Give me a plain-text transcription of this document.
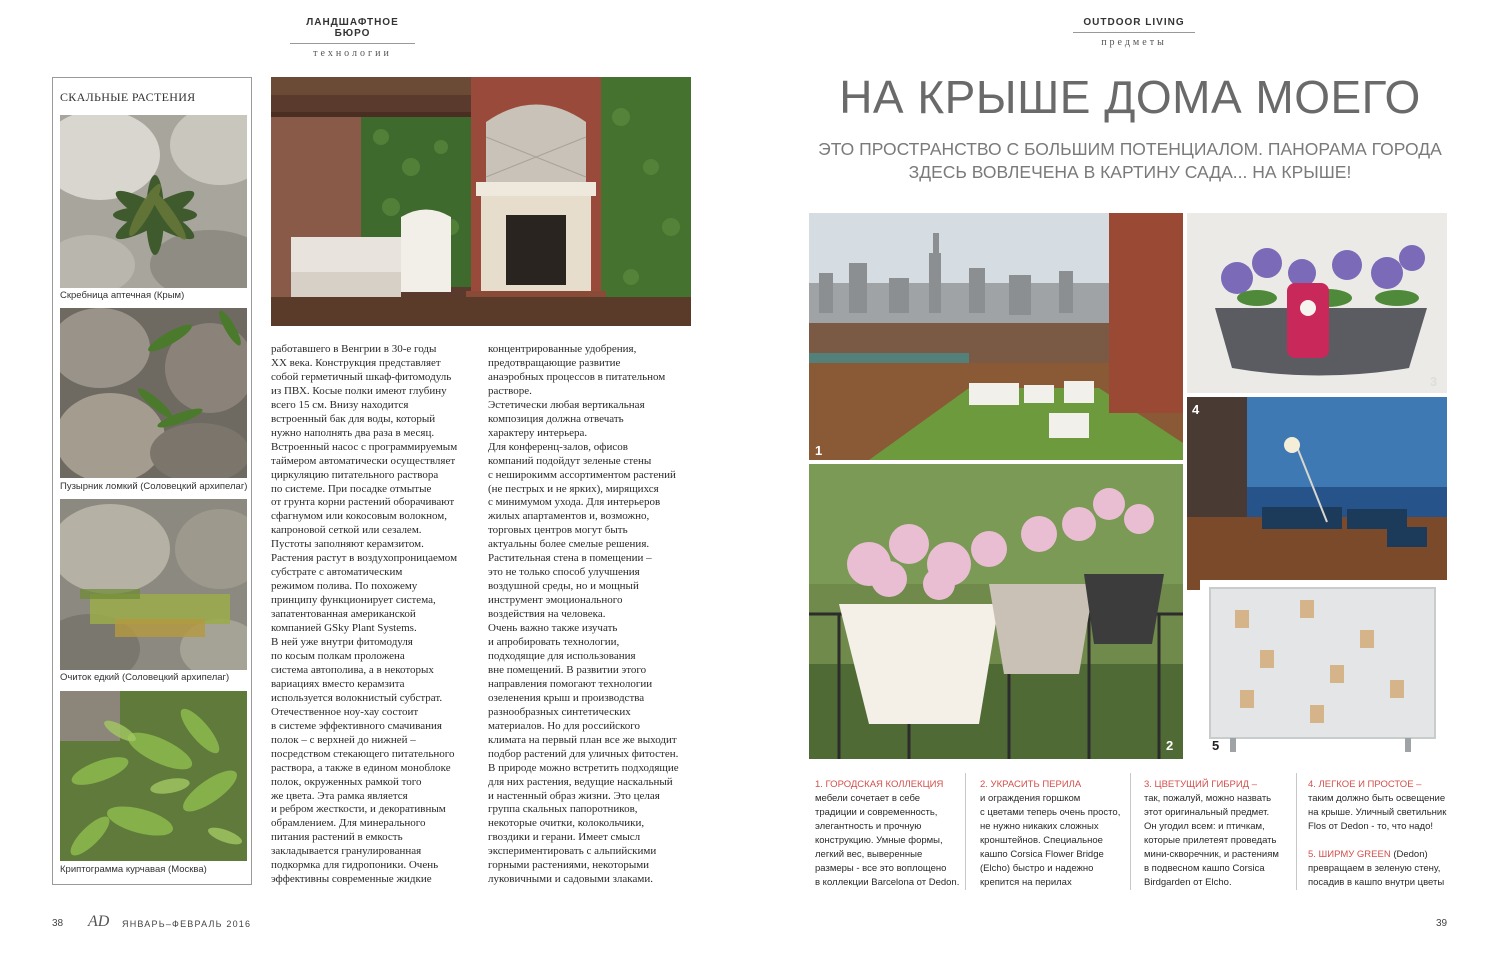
ЛАНДШАФТНОЕ БЮРО
технологии
СКАЛЬНЫЕ РАСТЕНИЯ
Скребница аптечная (Крым)
Пузырник ломкий (Соловецкий архипелаг)
Очиток едкий (Соловецкий архипелаг)
Криптограмма курчавая (Москва)
работавшего в Венгрии в 30-е годы
XX века. Конструкция представляет
собой герметичный шкаф-фитомодуль
из ПВХ. Косые полки имеют глубину
всего 15 см. Внизу находится
встроенный бак для воды, который
нужно наполнять два раза в месяц.
Встроенный насос с программируемым
таймером автоматически осуществляет
циркуляцию питательного раствора
по системе. При посадке отмытые
от грунта корни растений оборачивают
сфагнумом или кокосовым волокном,
капроновой сеткой или сезалем.
Пустоты заполняют керамзитом.
Растения растут в воздухопроницаемом
субстрате с автоматическим
режимом полива. По похожему
принципу функционирует система,
запатентованная американской
компанией GSky Plant Systems.
В ней уже внутри фитомодуля
по косым полкам проложена
система автополива, а в некоторых
вариациях вместо керамзита
используется волокнистый субстрат.
Отечественное ноу-хау состоит
в системе эффективного смачивания
полок – с верхней до нижней –
посредством стекающего питательного
раствора, а также в едином моноблоке
полок, окруженных рамкой того
же цвета. Эта рамка является
и ребром жесткости, и декоративным
обрамлением. Для минерального
питания растений в емкость
закладывается гранулированная
подкормка для гидропоники. Очень
эффективны современные жидкие
концентрированные удобрения,
предотвращающие развитие
анаэробных процессов в питательном
растворе.
Эстетически любая вертикальная
композиция должна отвечать
характеру интерьера.
Для конференц-залов, офисов
компаний подойдут зеленые стены
с неширокимм ассортиментом растений
(не пестрых и не ярких), мирящихся
с минимумом ухода. Для интерьеров
жилых апартаментов и, возможно,
торговых центров могут быть
актуальны более смелые решения.
Растительная стена в помещении –
это не только способ улучшения
воздушной среды, но и мощный
инструмент эмоционального
воздействия на человека.
Очень важно также изучать
и апробировать технологии,
подходящие для использования
вне помещений. В развитии этого
направления помогают технологии
озеленения крыш и производства
разнообразных синтетических
материалов. Но для российского
климата на первый план все же выходит
подбор растений для уличных фитостен.
В природе можно встретить подходящие
для них растения, ведущие наскальный
и настенный образ жизни. Это целая
группа скальных папоротников,
некоторые очитки, колокольчики,
гвоздики и герани. Имеет смысл
экспериментировать с альпийскими
горными растениями, некоторыми
луковичными и садовыми злаками.
38 AD ЯНВАРЬ–ФЕВРАЛЬ 2016
OUTDOOR LIVING
предметы
НА КРЫШЕ ДОМА МОЕГО
ЭТО ПРОСТРАНСТВО С БОЛЬШИМ ПОТЕНЦИАЛОМ. ПАНОРАМА ГОРОДА ЗДЕСЬ ВОВЛЕЧЕНА В КАРТИНУ САДА... НА КРЫШЕ!
1
3
4
2	5
1. ГОРОДСКАЯ КОЛЛЕКЦИЯ
мебели сочетает в себе
традиции и современность,
элегантность и прочную
конструкцию. Умные формы,
легкий вес, выверенные
размеры - все это воплощено
в коллекции Barcelona от Dedon.
2. УКРАСИТЬ ПЕРИЛА
и ограждения горшком
с цветами теперь очень просто,
не нужно никаких сложных
кронштейнов. Специальное
кашпо Corsica Flower Bridge
(Elcho) быстро и надежно
крепится на перилах
3. ЦВЕТУЩИЙ ГИБРИД –
так, пожалуй, можно назвать
этот оригинальный предмет.
Он угодил всем: и птичкам,
которые прилетеят проведать
мини-скворечник, и растениям
в подвесном кашпо Corsica
Birdgarden от Elcho.
4. ЛЕГКОЕ И ПРОСТОЕ –
таким должно быть освещение
на крыше. Уличный светильник
Flos от Dedon - то, что надо!
5. ШИРМУ GREEN (Dedon)
превращаем в зеленую стену,
посадив в кашпо внутри цветы
39
